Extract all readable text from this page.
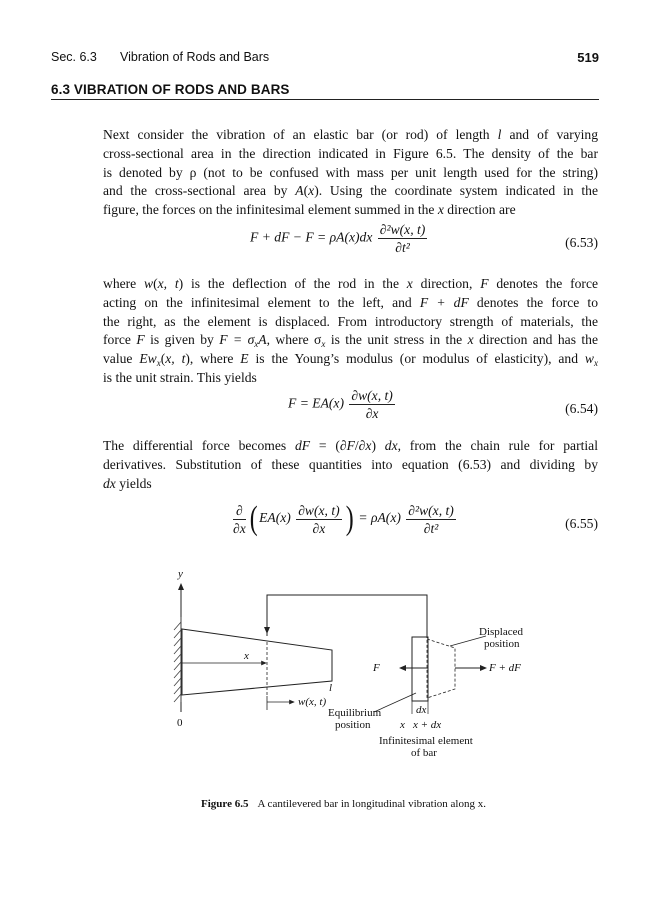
Sec. 6.3 Vibration of Rods and Bars	519
6.3 VIBRATION OF RODS AND BARS
Next consider the vibration of an elastic bar (or rod) of length l and of varying
cross-sectional area in the direction indicated in Figure 6.5. The density of the bar
is denoted by ρ (not to be confused with mass per unit length used for the string)
and the cross-sectional area by A(x). Using the coordinate system indicated in the
figure, the forces on the infinitesimal element summed in the x direction are
F + dF − $F = \rho A(x)dx \frac{\text{∂²w(x, t)}}{\text{∂t²}}$	(6.53)
where w(x, t) is the deflection of the rod in the x direction, F denotes the force
acting on the infinitesimal element to the left, and F + dF denotes the force to
the right, as the element is displaced. From introductory strength of materials, the
force F is given by $F = \sigma_xA$, where $\sigma_x$ is the unit stress in the x direction and has the
value $Ew_x(x$, t), where E is the Young’s modulus (or modulus of elasticity), and $w_x$
is the unit strain. This yields
$F = EA(x) \frac{\partial w(x, t)}{\partial x}$	(6.54)
The differential force becomes dF = (∂F/∂x) dx, from the chain rule for partial
derivatives. Substitution of these quantities into equation (6.53) and dividing by
dx yields
$\frac{\partial}{\partial x}$ ( $EA(x) \frac{\partial w(x, t)}{\partial x}$ ) = $\rho A(x) \frac{\text{∂²w(x, t)}}{\text{∂t²}}$	(6.55)
y
0
x
l
w(x, t)
Equilibrium
position
Displaced
position
F	F + dF
dx
x x + dx
Infinitesimal element
of bar
Figure 6.5 A cantilevered bar in longitudinal vibration along x.
